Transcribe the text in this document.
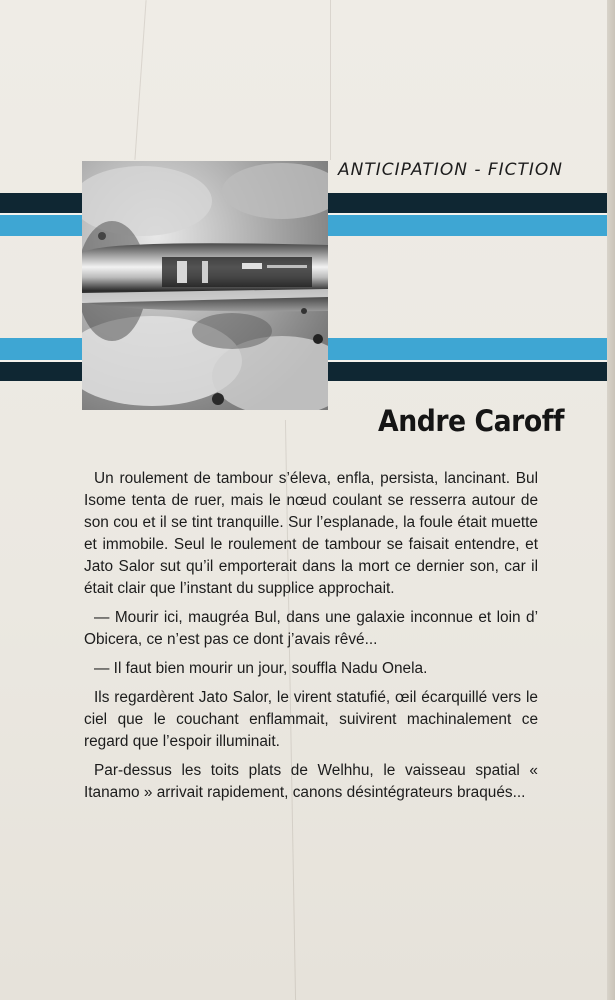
ANTICIPATION - FICTION
Andre Caroff

Un roulement de tambour s’éleva, enfla, persista, lancinant. Bul Isome tenta de ruer, mais le nœud coulant se resserra autour de son cou et il se tint tranquille. Sur l’esplanade, la foule était muette et immobile. Seul le roulement de tambour se faisait entendre, et Jato Salor sut qu’il emporterait dans la mort ce dernier son, car il était clair que l’instant du supplice approchait.

— Mourir ici, maugréa Bul, dans une galaxie inconnue et loin d’ Obicera, ce n’est pas ce dont j’avais rêvé...

— Il faut bien mourir un jour, souffla Nadu Onela.

Ils regardèrent Jato Salor, le virent statufié, œil écarquillé vers le ciel que le couchant enflammait, suivirent machinalement ce regard que l’espoir illuminait.

Par-dessus les toits plats de Welhhu, le vaisseau spatial « Itanamo » arrivait rapidement, canons désintégrateurs braqués...
